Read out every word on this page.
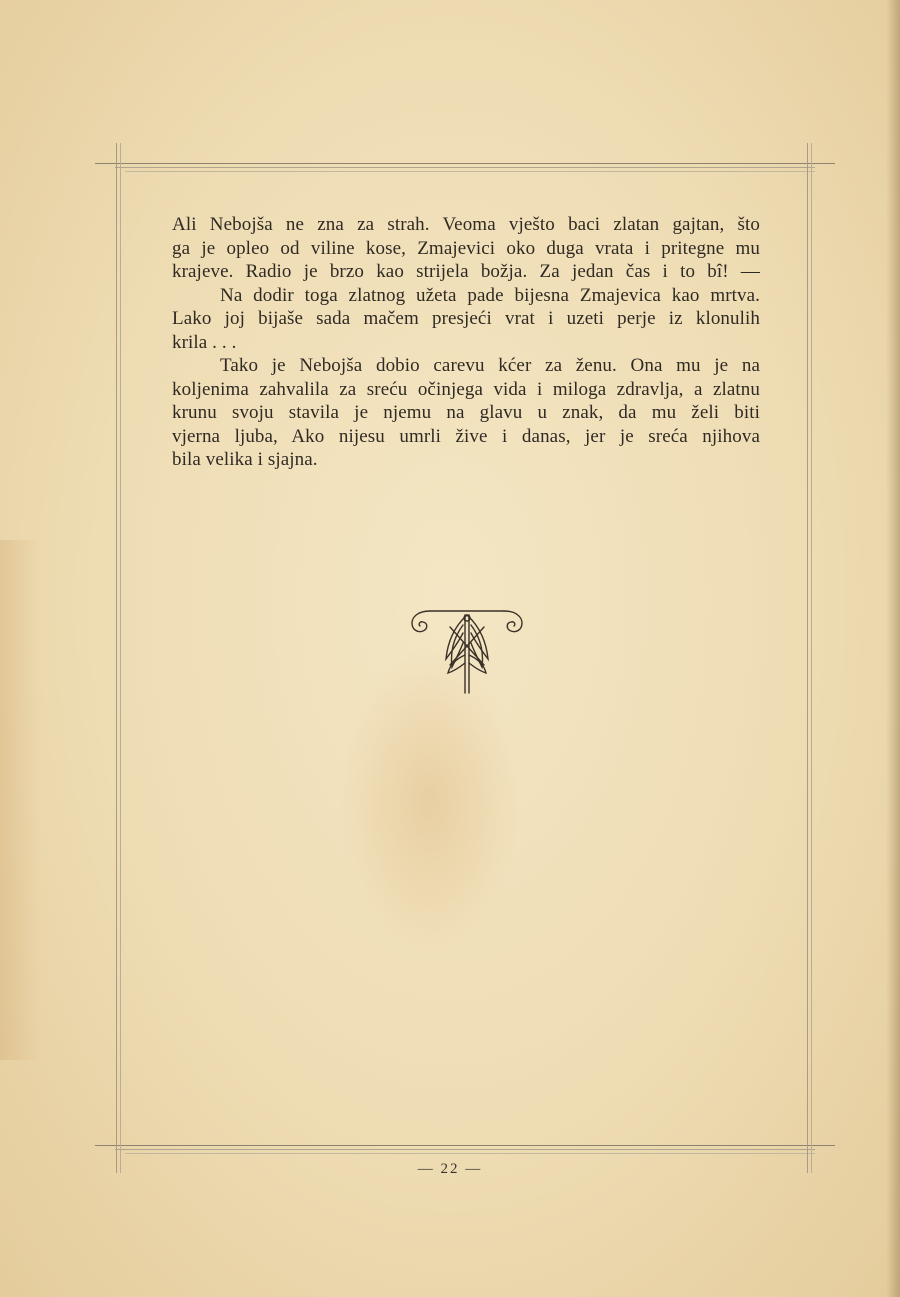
Ali Nebojša ne zna za strah. Veoma vješto baci zlatan gajtan, što

ga je opleo od viline kose, Zmajevici oko duga vrata i pritegne mu

krajeve. Radio je brzo kao strijela božja. Za jedan čas i to bî! —

Na dodir toga zlatnog užeta pade bijesna Zmajevica kao mrtva.

Lako joj bijaše sada mačem presjeći vrat i uzeti perje iz klonulih

krila . . .

Tako je Nebojša dobio carevu kćer za ženu. Ona mu je na

koljenima zahvalila za sreću očinjega vida i miloga zdravlja, a zlatnu

krunu svoju stavila je njemu na glavu u znak, da mu želi biti

vjerna ljuba, Ako nijesu umrli žive i danas, jer je sreća njihova

bila velika i sjajna.

— 22 —
